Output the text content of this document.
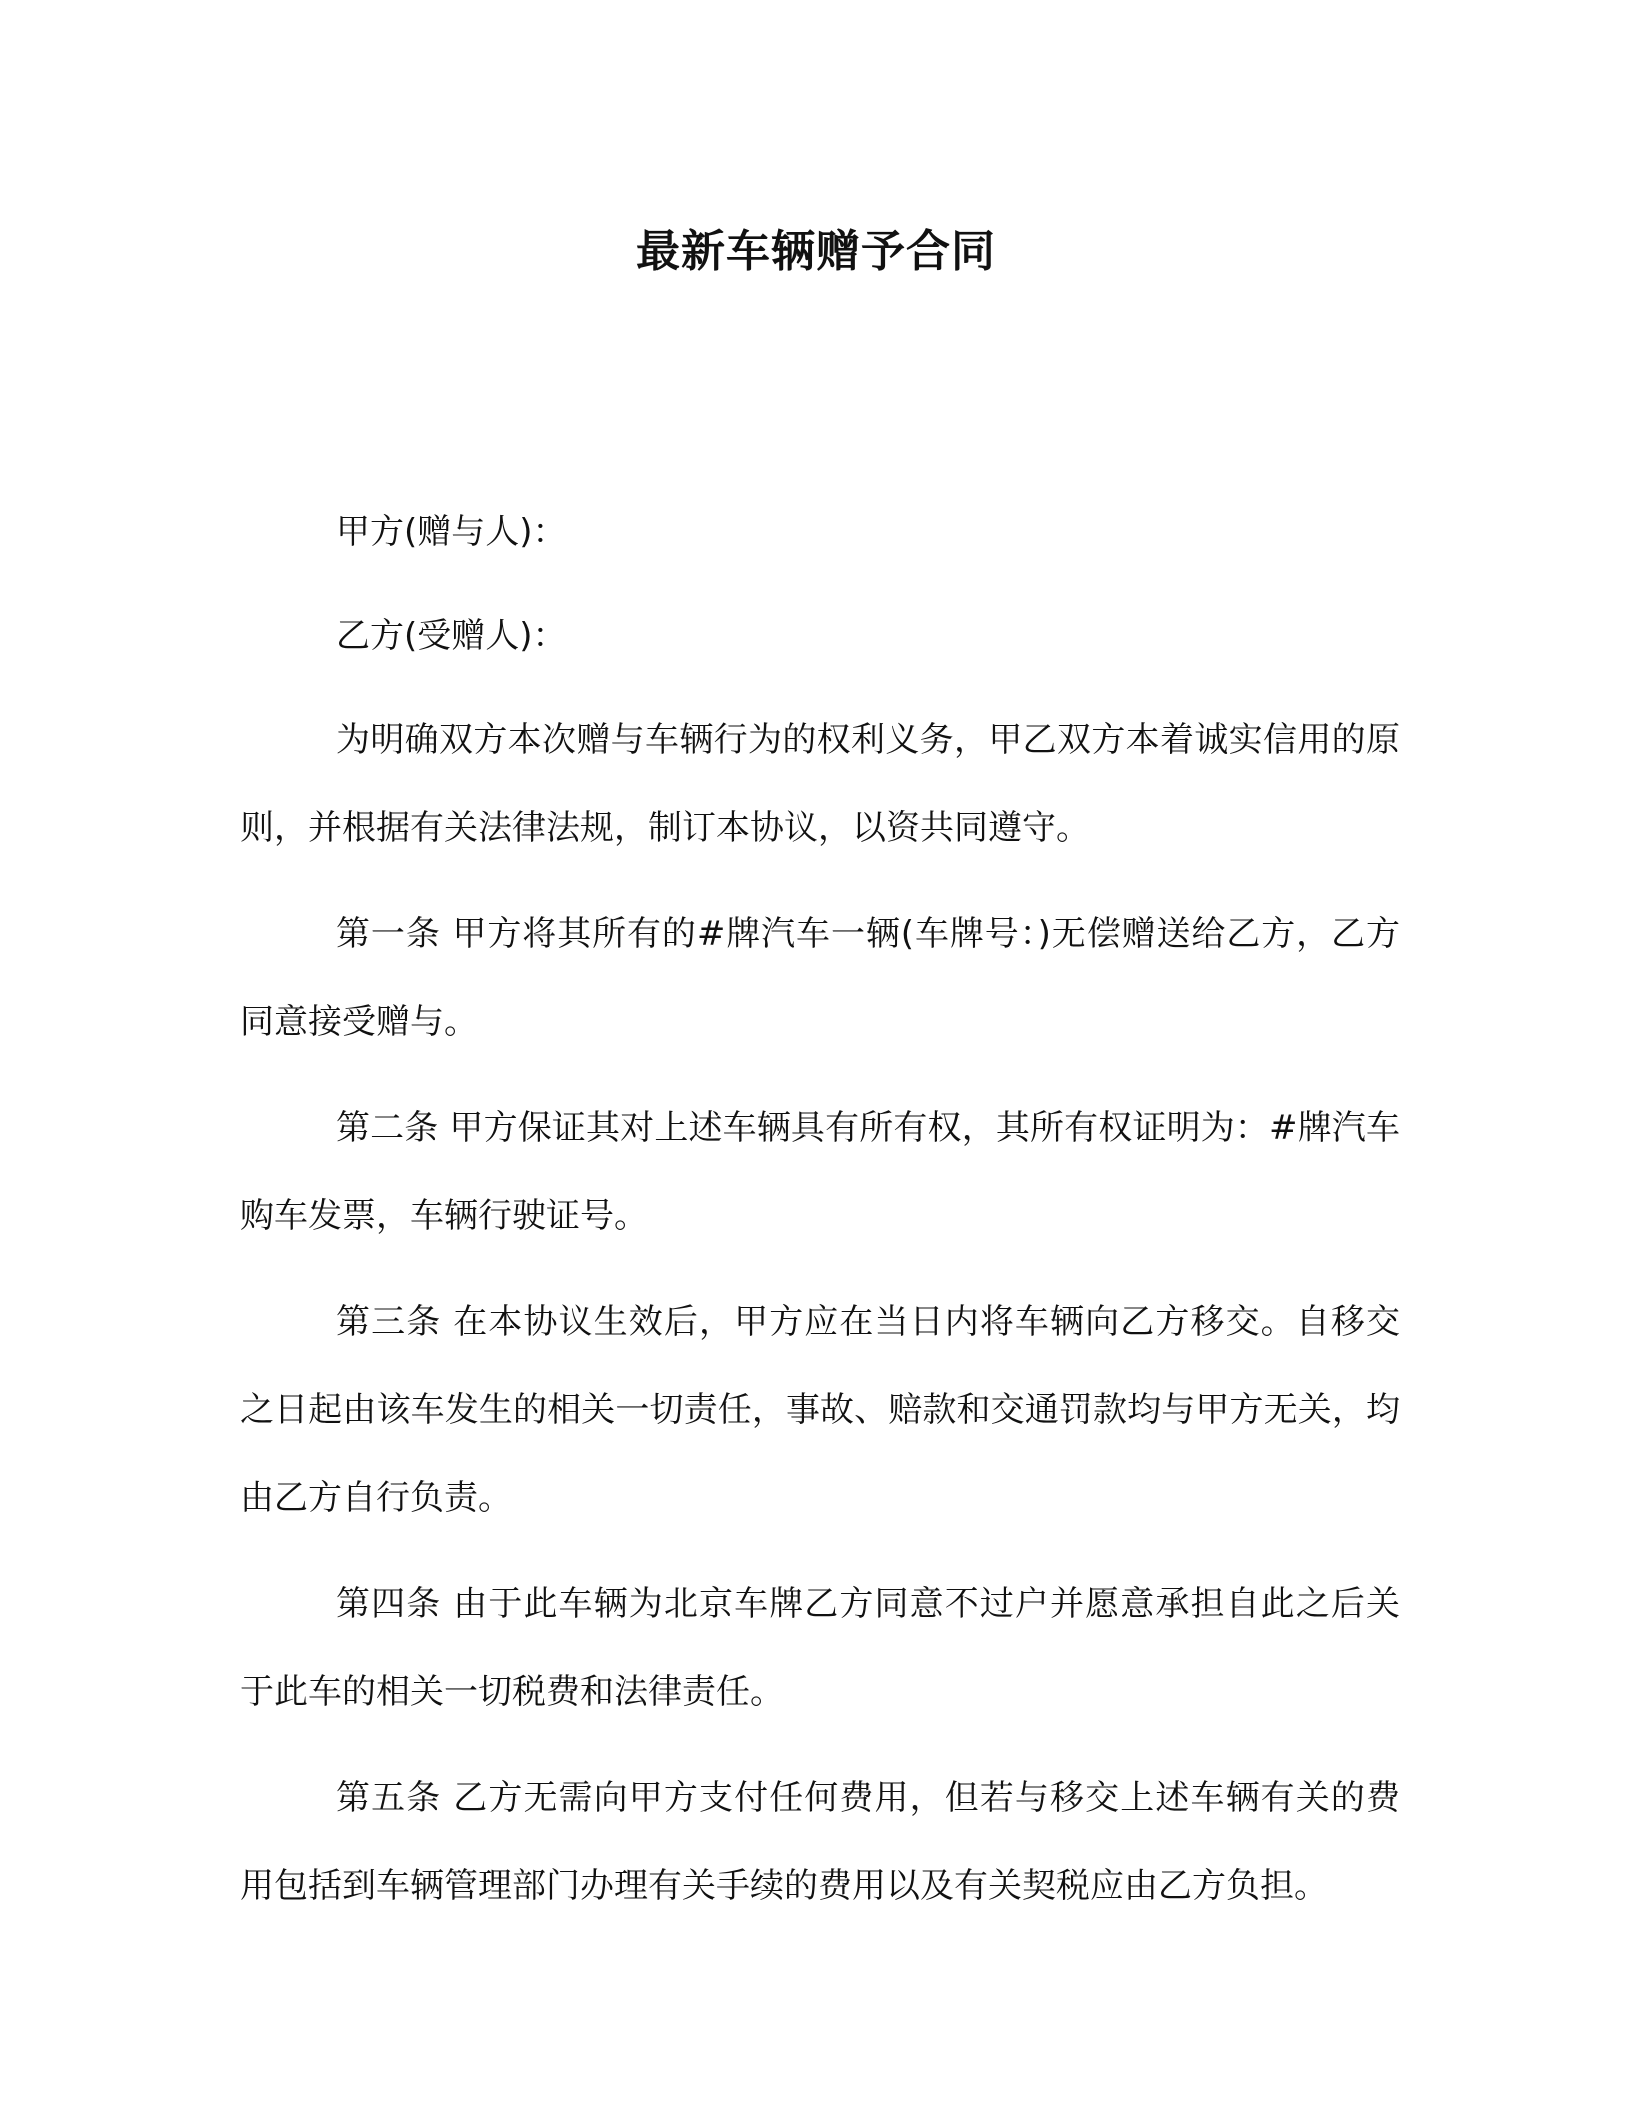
最新车辆赠予合同

甲方(赠与人)：

乙方(受赠人)：

为明确双方本次赠与车辆行为的权利义务，甲乙双方本着诚实信用的原则，并根据有关法律法规，制订本协议，以资共同遵守。

第一条 甲方将其所有的#牌汽车一辆(车牌号：)无偿赠送给乙方，乙方同意接受赠与。

第二条 甲方保证其对上述车辆具有所有权，其所有权证明为：#牌汽车购车发票，车辆行驶证号。

第三条 在本协议生效后，甲方应在当日内将车辆向乙方移交。自移交之日起由该车发生的相关一切责任，事故、赔款和交通罚款均与甲方无关，均由乙方自行负责。

第四条 由于此车辆为北京车牌乙方同意不过户并愿意承担自此之后关于此车的相关一切税费和法律责任。

第五条 乙方无需向甲方支付任何费用，但若与移交上述车辆有关的费用包括到车辆管理部门办理有关手续的费用以及有关契税应由乙方负担。
